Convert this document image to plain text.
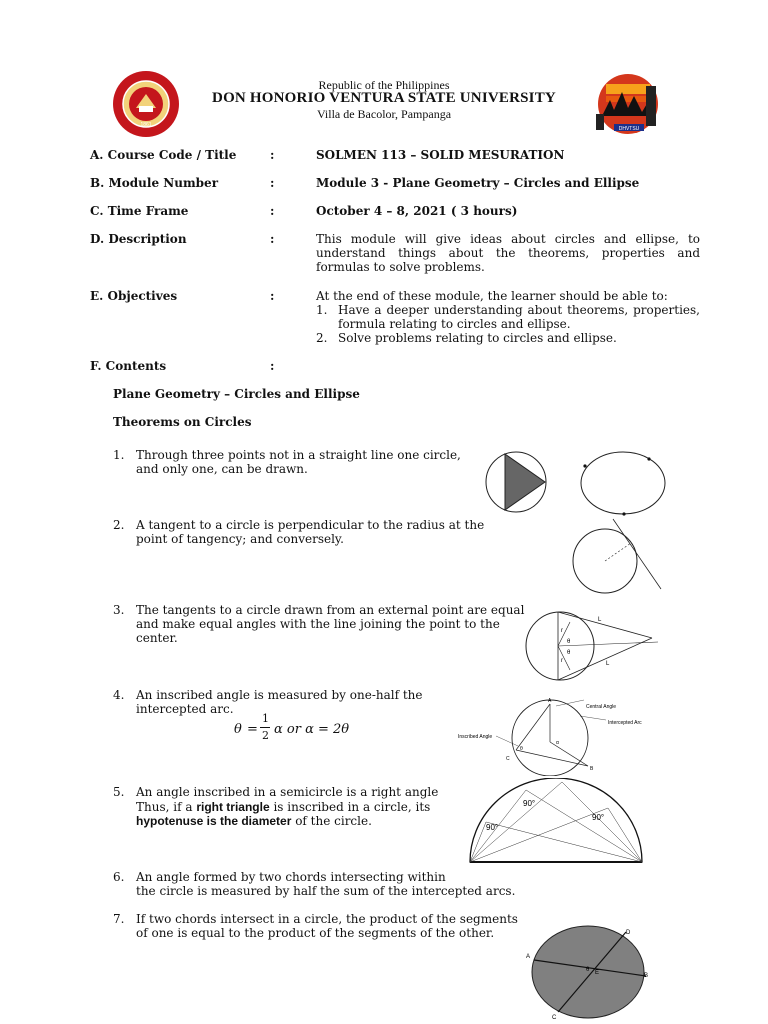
1861
DHVTSU
Republic of the Philippines
DON HONORIO VENTURA STATE UNIVERSITY
Villa de Bacolor, Pampanga
A. Course Code / Title	:	SOLMEN 113 – SOLID MESURATION
B. Module Number	:	Module 3 - Plane Geometry – Circles and Ellipse
C. Time Frame	:	October 4 – 8, 2021 ( 3 hours)
D. Description	:	This module will give ideas about circles and ellipse, to understand things about the theorems, properties and formulas to solve problems.
E. Objectives	:	At the end of these module, the learner should be able to:
1. Have a deeper understanding about theorems, properties, formula relating to circles and ellipse.
2. Solve problems relating to circles and ellipse.
F. Contents	:
Plane Geometry – Circles and Ellipse
Theorems on Circles
1. Through three points not in a straight line one circle,
and only one, can be drawn.
2. A tangent to a circle is perpendicular to the radius at the
point of tangency; and conversely.
3. The tangents to a circle drawn from an external point are equal
and make equal angles with the line joining the point to the
center.
4. An inscribed angle is measured by one-half the
intercepted arc.
θ =
1
2 α or α = 2θ
5. An angle inscribed in a semicircle is a right angle
Thus, if a right triangle is inscribed in a circle, its
hypotenuse is the diameter of the circle.
6. An angle formed by two chords intersecting within
the circle is measured by half the sum of the intercepted arcs.
7. If two chords intersect in a circle, the product of the segments
of one is equal to the product of the segments of the other.
L
L
r
r
θ
θ
A
B
C
Central Angle
Intercepted Arc
Inscribed Angle
θ
α
90°
90°
90°
A
B
C
D
E
θ
